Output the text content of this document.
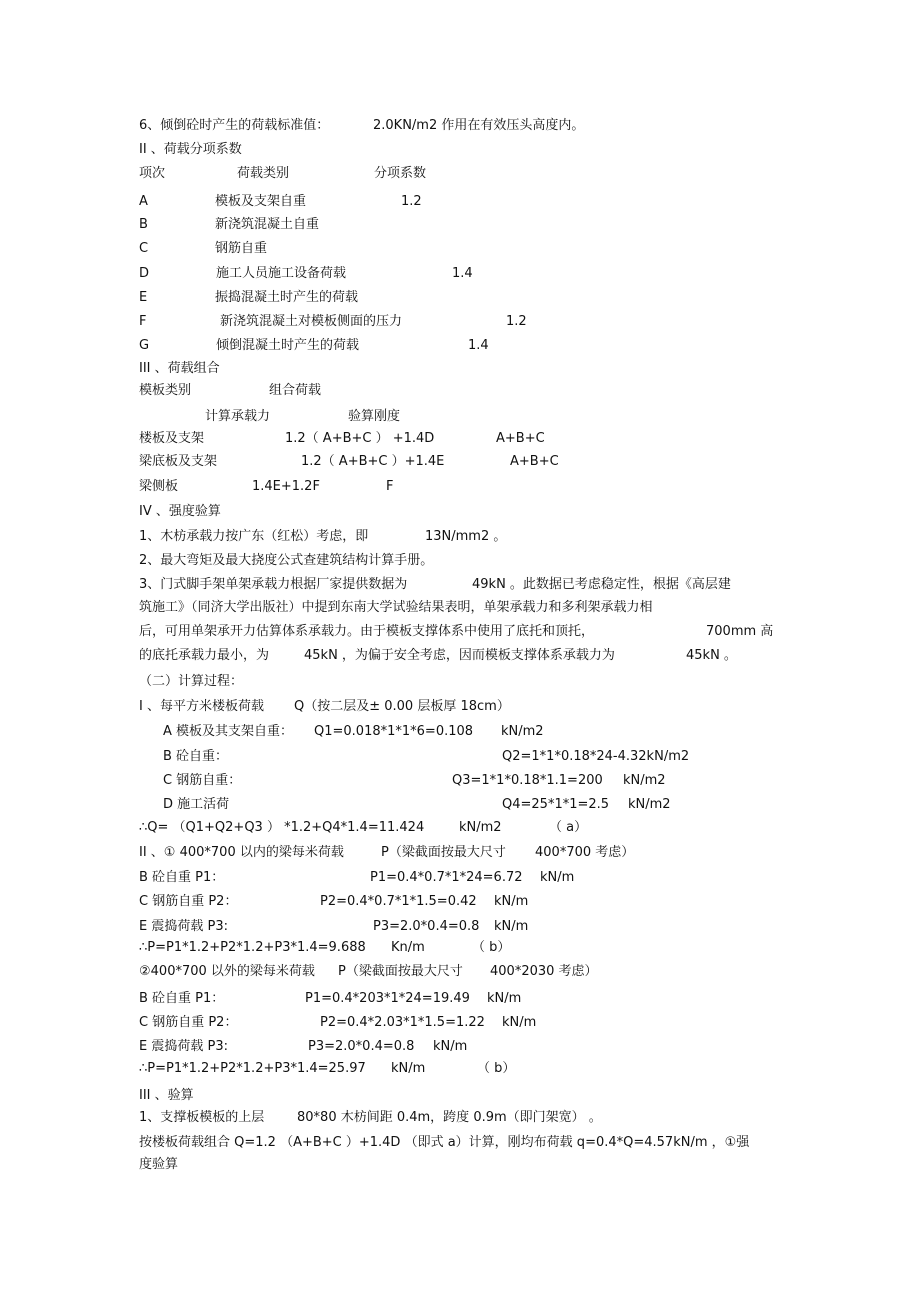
6、倾倒砼时产生的荷载标准值：	2.0KN/m2 作用在有效压头高度内。
II 、荷载分项系数
项次	荷载类别	分项系数
A	模板及支架自重	1.2
B	新浇筑混凝土自重
C	钢筋自重
D	施工人员施工设备荷载	1.4
E	振捣混凝土时产生的荷载
F	新浇筑混凝土对模板侧面的压力	1.2
G	倾倒混凝土时产生的荷载	1.4
III 、荷载组合
模板类别	组合荷载
计算承载力	验算刚度
楼板及支架	1.2（ A+B+C ） +1.4D	A+B+C
梁底板及支架	1.2（ A+B+C ）+1.4E	A+B+C
梁侧板	1.4E+1.2F	F
IV 、强度验算
1、木枋承载力按广东（红松）考虑，即	13N/mm2 。
2、最大弯矩及最大挠度公式查建筑结构计算手册。
3、门式脚手架单架承载力根据厂家提供数据为	49kN 。此数据已考虑稳定性，根据《高层建
筑施工》（同济大学出版社）中提到东南大学试验结果表明，单架承载力和多利架承载力相
后，可用单架承开力估算体系承载力。由于模板支撑体系中使用了底托和顶托，	700mm 高
的底托承载力最小，为	45kN ，为偏于安全考虑，因而模板支撑体系承载力为	45kN 。
（二）计算过程：
I 、每平方米楼板荷载 Q（按二层及± 0.00 层板厚 18cm）
A 模板及其支架自重： Q1=0.018*1*1*6=0.108 kN/m2
B 砼自重：	Q2=1*1*0.18*24-4.32kN/m2
C 钢筋自重：	Q3=1*1*0.18*1.1=200 kN/m2
D 施工活荷	Q4=25*1*1=2.5 kN/m2
∴Q= （Q1+Q2+Q3 ） *1.2+Q4*1.4=11.424	kN/m2	（ a）
II 、① 400*700 以内的梁每米荷载	P（梁截面按最大尺寸 400*700 考虑）
B 砼自重 P1：	P1=0.4*0.7*1*24=6.72 kN/m
C 钢筋自重 P2：	P2=0.4*0.7*1*1.5=0.42 kN/m
E 震捣荷载 P3:	P3=2.0*0.4=0.8 kN/m
∴P=P1*1.2+P2*1.2+P3*1.4=9.688 Kn/m	（ b）
②400*700 以外的梁每米荷载 P（梁截面按最大尺寸 400*2030 考虑）
B 砼自重 P1：	P1=0.4*203*1*24=19.49 kN/m
C 钢筋自重 P2：	P2=0.4*2.03*1*1.5=1.22 kN/m
E 震捣荷载 P3:	P3=2.0*0.4=0.8 kN/m
∴P=P1*1.2+P2*1.2+P3*1.4=25.97 kN/m	（ b）
III 、验算
1、支撑板模板的上层	80*80 木枋间距 0.4m，跨度 0.9m（即门架宽） 。
按楼板荷载组合 Q=1.2 （A+B+C ）+1.4D （即式 a）计算，刚均布荷载 q=0.4*Q=4.57kN/m ，①强
度验算
